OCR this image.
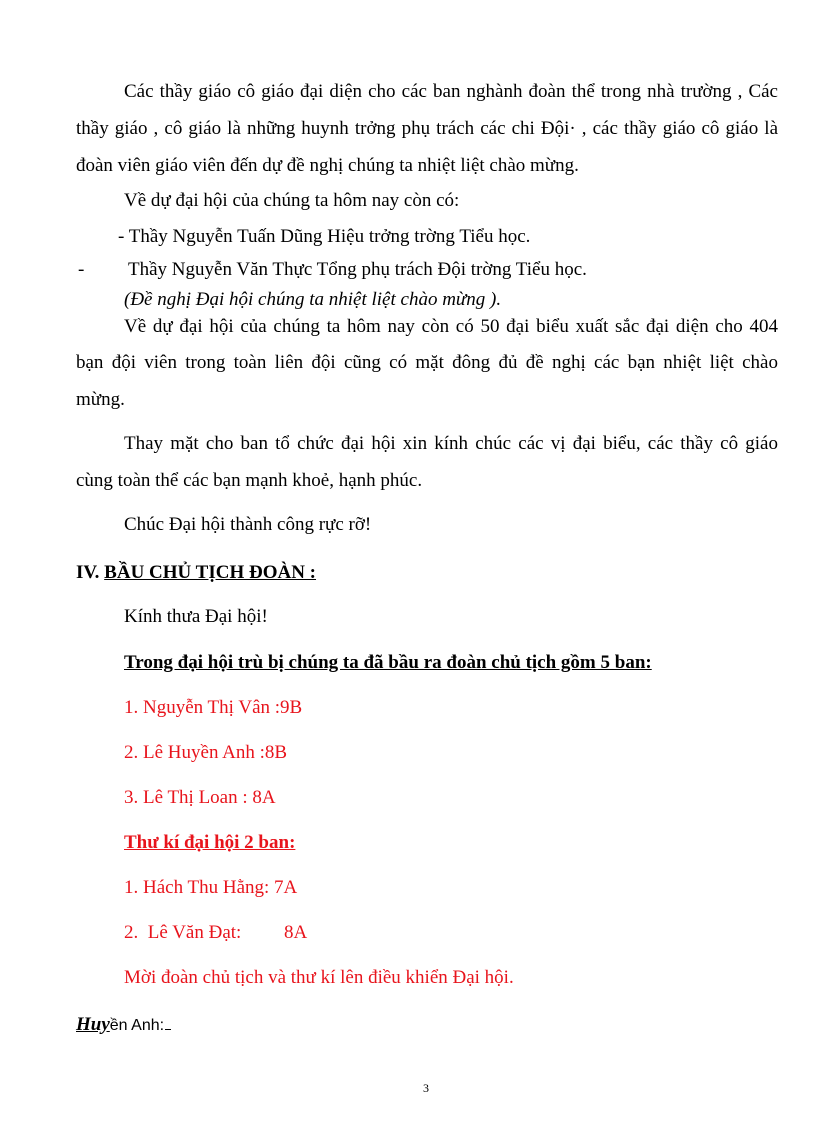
Các thầy giáo cô giáo đại diện cho các ban nghành đoàn thể trong nhà trường , Các
thầy giáo , cô giáo là những huynh trởng phụ trách các chi Đội· , các thầy giáo cô giáo là
đoàn viên giáo viên đến dự đề nghị chúng ta nhiệt liệt chào mừng.
Về dự đại hội của chúng ta hôm nay còn có:
- Thầy Nguyễn Tuấn Dũng Hiệu trởng trờng Tiểu học.
- Thầy Nguyễn Văn Thực Tổng phụ trách Đội trờng Tiểu học.
(Đề nghị Đại hội chúng ta nhiệt liệt chào mừng ).
Về dự đại hội của chúng ta hôm nay còn có 50 đại biểu xuất sắc đại diện cho 404
bạn đội viên trong toàn liên đội cũng có mặt đông đủ đề nghị các bạn nhiệt liệt chào
mừng.
Thay mặt cho ban tổ chức đại hội xin kính chúc các vị đại biểu, các thầy cô giáo
cùng toàn thể các bạn mạnh khoẻ, hạnh phúc.
Chúc Đại hội thành công rực rỡ!
IV. BẦU CHỦ TỊCH ĐOÀN :
Kính thưa Đại hội!
Trong đại hội trù bị chúng ta đã bầu ra đoàn chủ tịch gồm 5 ban:
1. Nguyễn Thị Vân :9B
2. Lê Huyền Anh :8B
3. Lê Thị Loan : 8A
Thư kí đại hội 2 ban:
1. Hách Thu Hằng: 7A
2.  Lê Văn Đạt:         8A
Mời đoàn chủ tịch và thư kí lên điều khiển Đại hội.
Huyền Anh:
3
